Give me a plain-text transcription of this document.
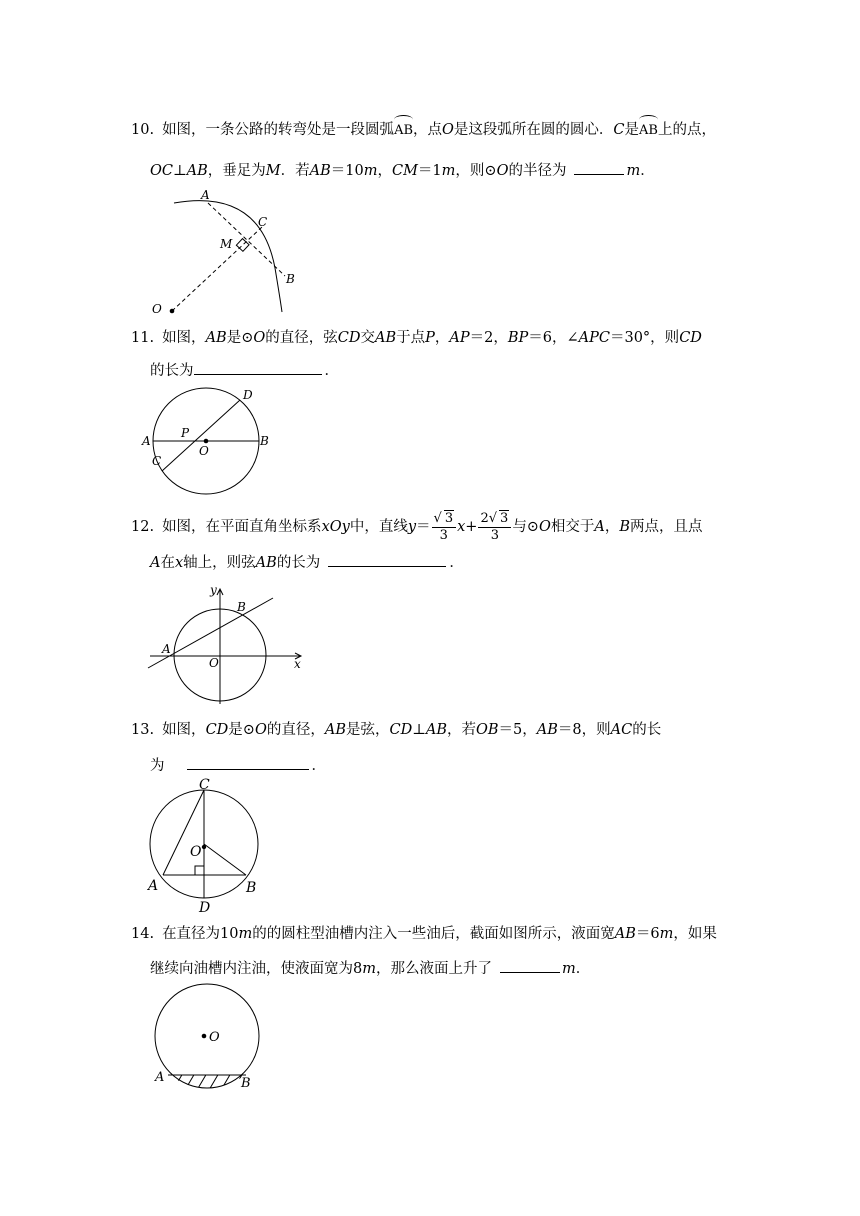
10. 如图，一条公路的转弯处是一段圆弧AB，点O是这段弧所在圆的圆心．C是AB上的点，
OC⊥AB，垂足为M．若AB＝10m，CM＝1m，则⊙O的半径为	m．
A
C
M
B
O
11. 如图，AB是⊙O的直径，弦CD交AB于点P，AP＝2，BP＝6，∠APC＝30°，则CD
的长为	．
D
A
P
B
O
C
12. 如图，在平面直角坐标系xOy中，直线$y= \frac{√ 3}{3} x+ \frac{2√ 3}{3}$ 与⊙O相交于A，B两点，且点
A在x轴上，则弦AB的长为	．
y
B
A
O	x
13. 如图，CD是⊙O的直径，AB是弦，CD⊥AB，若OB＝5，AB＝8，则AC的长
为	．
C
O
A	B
D
14. 在直径为10m的的圆柱型油槽内注入一些油后，截面如图所示，液面宽AB＝6m，如果
继续向油槽内注油，使液面宽为8m，那么液面上升了	m．
O
A	B
